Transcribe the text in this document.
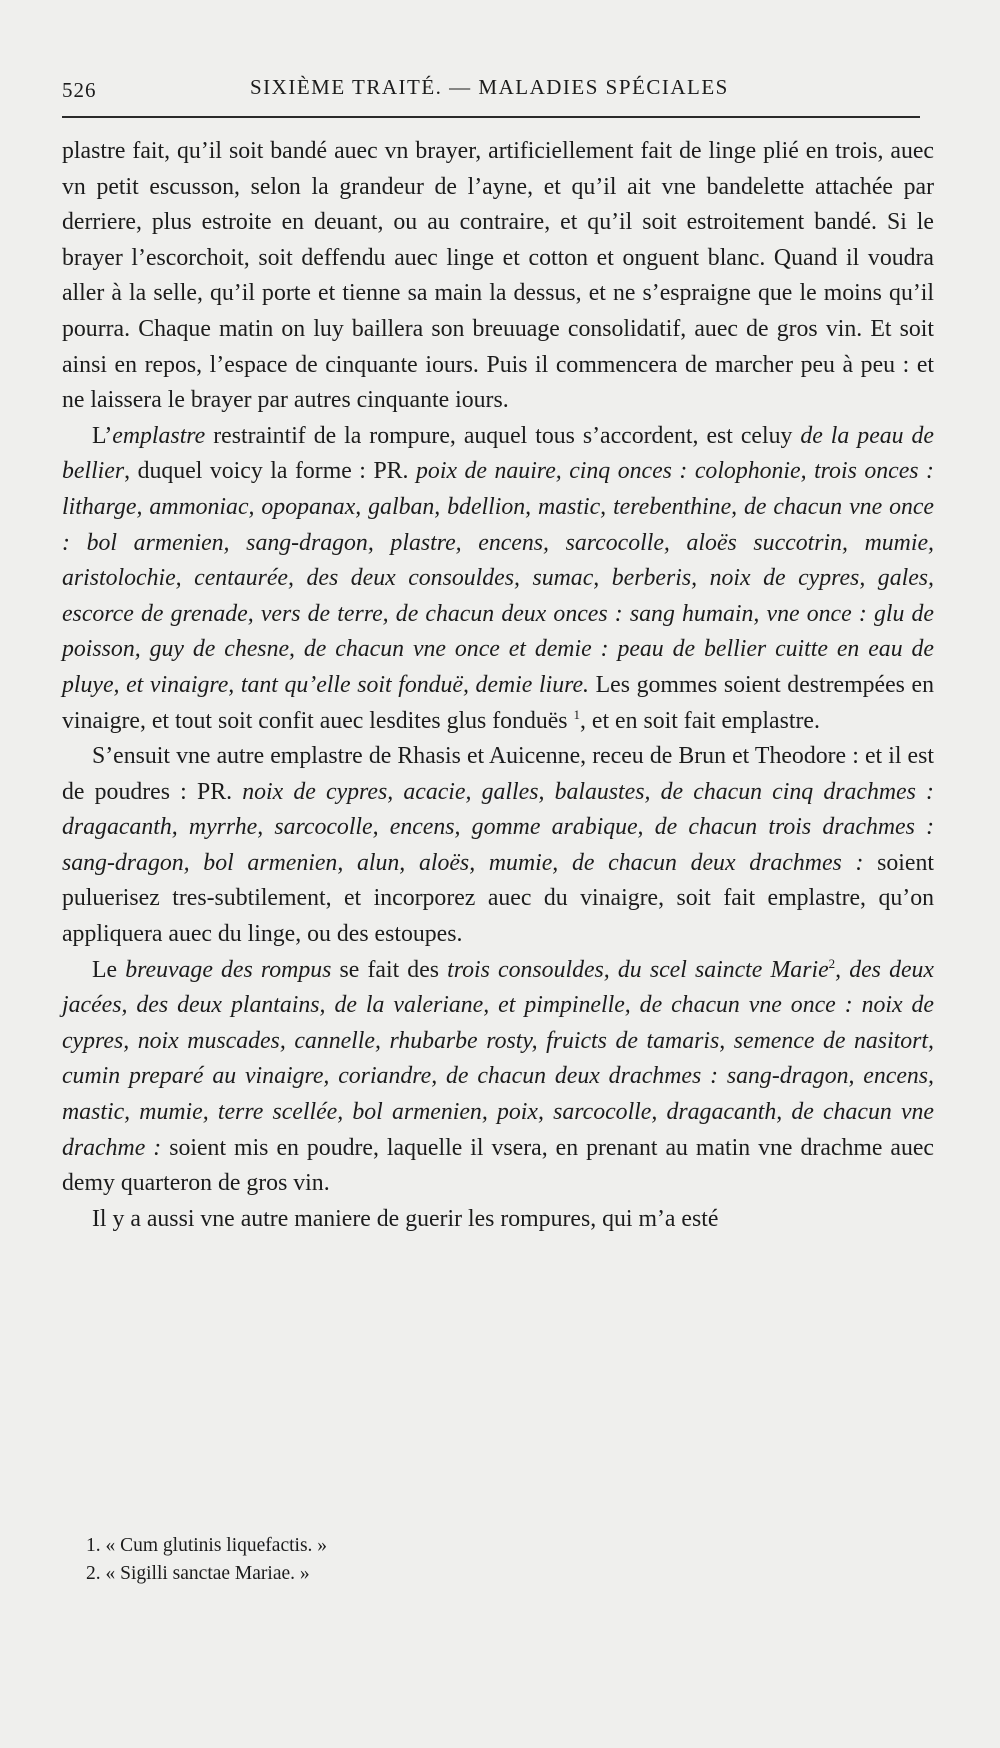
526	SIXIÈME TRAITÉ. — MALADIES SPÉCIALES

plastre fait, qu’il soit bandé auec vn brayer, artificiellement fait de linge plié en trois, auec vn petit escusson, selon la grandeur de l’ayne, et qu’il ait vne bandelette attachée par derriere, plus estroite en deuant, ou au contraire, et qu’il soit estroitement bandé. Si le brayer l’escorchoit, soit deffendu auec linge et cotton et onguent blanc. Quand il voudra aller à la selle, qu’il porte et tienne sa main la dessus, et ne s’espraigne que le moins qu’il pourra. Chaque matin on luy baillera son breuuage consolidatif, auec de gros vin. Et soit ainsi en repos, l’espace de cinquante iours. Puis il commencera de marcher peu à peu : et ne laissera le brayer par autres cinquante iours.

L’emplastre restraintif de la rompure, auquel tous s’accordent, est celuy de la peau de bellier, duquel voicy la forme : PR. poix de nauire, cinq onces : colophonie, trois onces : litharge, ammoniac, opopanax, galban, bdellion, mastic, terebenthine, de chacun vne once : bol armenien, sang-dragon, plastre, encens, sarcocolle, aloës succotrin, mumie, aristolochie, centaurée, des deux consouldes, sumac, berberis, noix de cypres, gales, escorce de grenade, vers de terre, de chacun deux onces : sang humain, vne once : glu de poisson, guy de chesne, de chacun vne once et demie : peau de bellier cuitte en eau de pluye, et vinaigre, tant qu’elle soit fonduë, demie liure. Les gommes soient destrempées en vinaigre, et tout soit confit auec lesdites glus fonduës $^1$, et en soit fait emplastre.

S’ensuit vne autre emplastre de Rhasis et Auicenne, receu de Brun et Theodore : et il est de poudres : PR. noix de cypres, acacie, galles, balaustes, de chacun cinq drachmes : dragacanth, myrrhe, sarcocolle, encens, gomme arabique, de chacun trois drachmes : sang-dragon, bol armenien, alun, aloës, mumie, de chacun deux drachmes : soient puluerisez tres-subtilement, et incorporez auec du vinaigre, soit fait emplastre, qu’on appliquera auec du linge, ou des estoupes.

Le breuvage des rompus se fait des trois consouldes, du scel saincte Marie$^2$, des deux jacées, des deux plantains, de la valeriane, et pimpinelle, de chacun vne once : noix de cypres, noix muscades, cannelle, rhubarbe rosty, fruicts de tamaris, semence de nasitort, cumin preparé au vinaigre, coriandre, de chacun deux drachmes : sang-dragon, encens, mastic, mumie, terre scellée, bol armenien, poix, sarcocolle, dragacanth, de chacun vne drachme : soient mis en poudre, laquelle il vsera, en prenant au matin vne drachme auec demy quarteron de gros vin.

Il y a aussi vne autre maniere de guerir les rompures, qui m’a esté

1. « Cum glutinis liquefactis. »

2. « Sigilli sanctae Mariae. »
